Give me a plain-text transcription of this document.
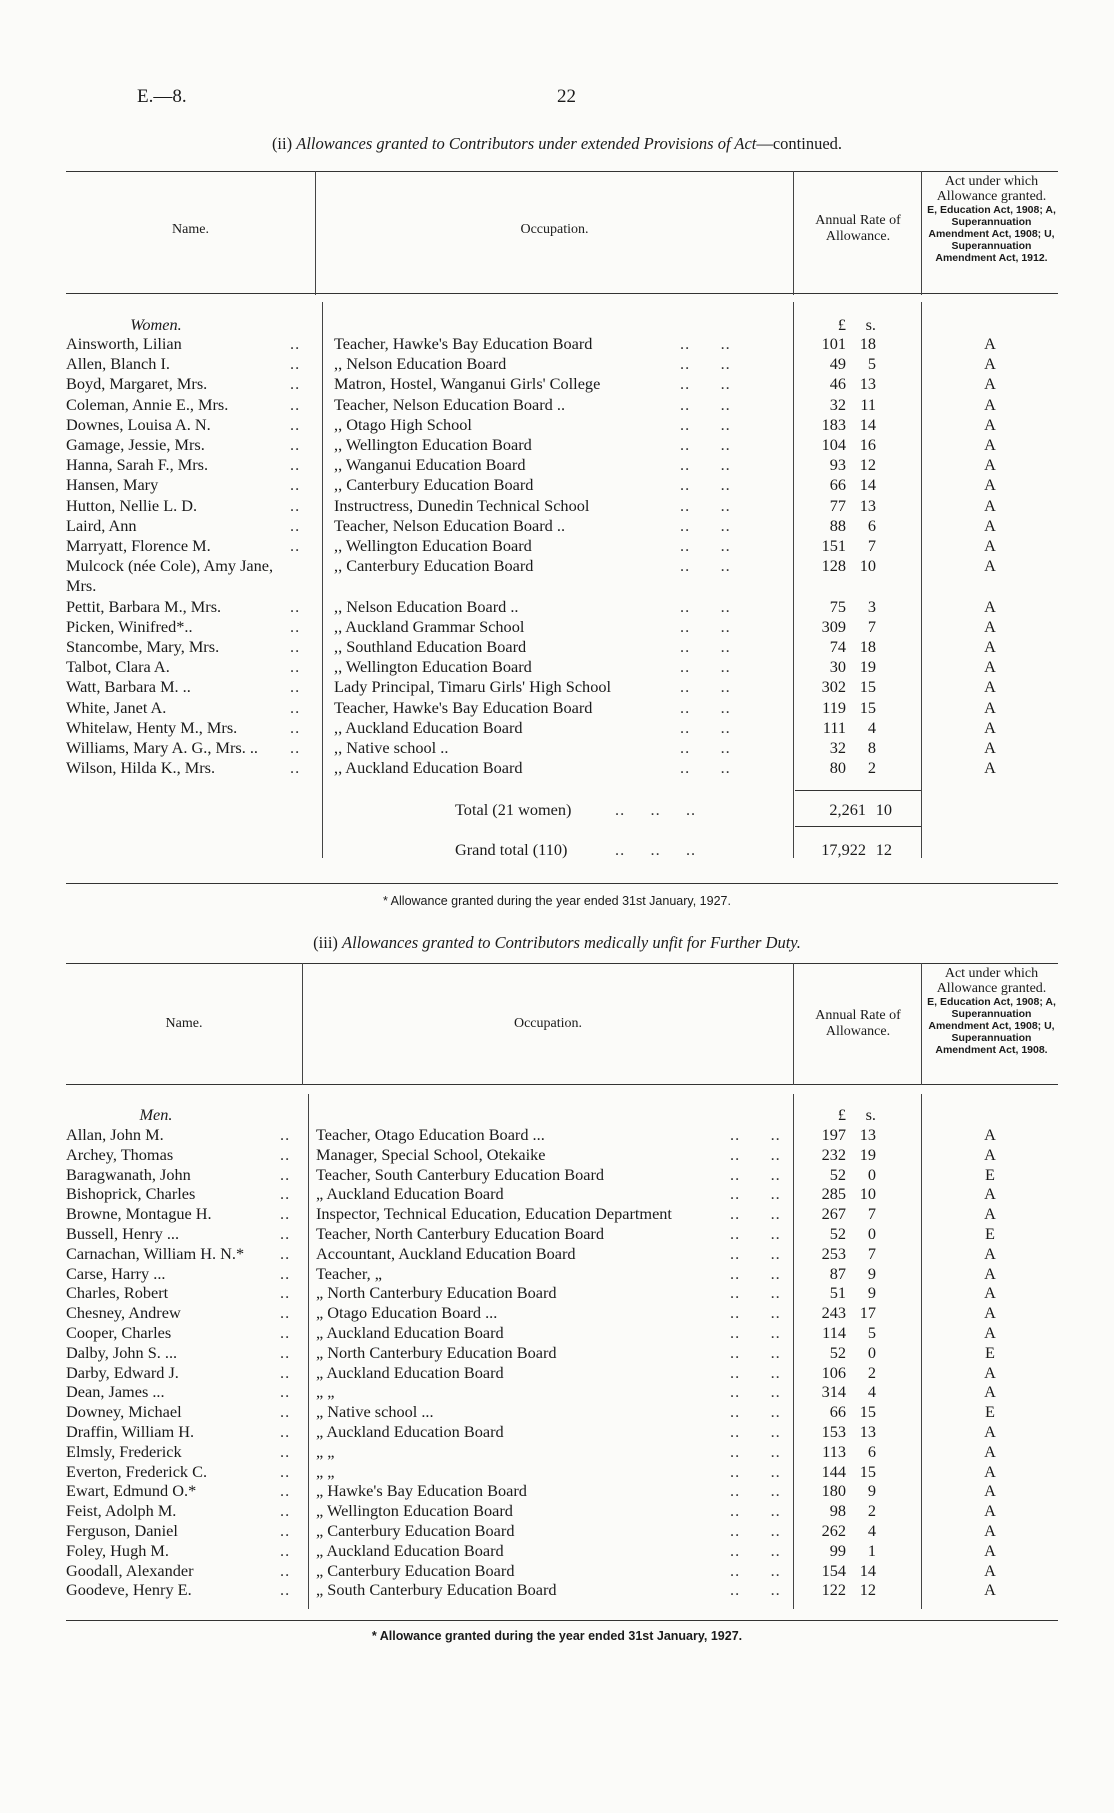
E.—8.	22
(ii) Allowances granted to Contributors under extended Provisions of Act—continued.
Name.	Occupation.
Annual Rate of Allowance.
Act under which Allowance granted.
E, Education Act, 1908; A, Superannuation Amendment Act, 1908; U, Superannuation Amendment Act, 1912.
Women.	£	s.
Ainsworth, Lilian	.. Teacher, Hawke's Bay Education Board	..      ..	101 18	A
Allen, Blanch I.	.. ,, Nelson Education Board	..      ..	49	5	A
Boyd, Margaret, Mrs.	.. Matron, Hostel, Wanganui Girls' College	..      ..	46 13	A
Coleman, Annie E., Mrs.	.. Teacher, Nelson Education Board ..	..      ..	32 11	A
Downes, Louisa A. N.	.. ,, Otago High School	..      ..	183 14	A
Gamage, Jessie, Mrs.	.. ,, Wellington Education Board	..      ..	104 16	A
Hanna, Sarah F., Mrs.	.. ,, Wanganui Education Board	..      ..	93 12	A
Hansen, Mary	.. ,, Canterbury Education Board	..      ..	66 14	A
Hutton, Nellie L. D.	.. Instructress, Dunedin Technical School	..      ..	77 13	A
Laird, Ann	.. Teacher, Nelson Education Board ..	..      ..	88	6	A
Marryatt, Florence M.	.. ,, Wellington Education Board	..      ..	151	7	A
Mulcock (née Cole), Amy Jane,	,, Canterbury Education Board	..      ..	128 10	A
Mrs.
Pettit, Barbara M., Mrs.	.. ,, Nelson Education Board ..	..      ..	75	3	A
Picken, Winifred*..	.. ,, Auckland Grammar School	..      ..	309	7	A
Stancombe, Mary, Mrs.	.. ,, Southland Education Board	..      ..	74 18	A
Talbot, Clara A.	.. ,, Wellington Education Board	..      ..	30 19	A
Watt, Barbara M. ..	.. Lady Principal, Timaru Girls' High School	..      ..	302 15	A
White, Janet A.	.. Teacher, Hawke's Bay Education Board	..      ..	119 15	A
Whitelaw, Henty M., Mrs.	.. ,, Auckland Education Board	..      ..	111	4	A
Williams, Mary A. G., Mrs. .. .. ,, Native school ..	..      ..	32	8	A
Wilson, Hilda K., Mrs.	.. ,, Auckland Education Board	..      ..	80	2	A
Total (21 women)	..     ..     ..	2,261 10
Grand total (110)	..     ..     ..	17,922 12
* Allowance granted during the year ended 31st January, 1927.
(iii) Allowances granted to Contributors medically unfit for Further Duty.
Name.	Occupation.
Annual Rate of Allowance.
Act under which Allowance granted.
E, Education Act, 1908; A, Superannuation Amendment Act, 1908; U, Superannuation Amendment Act, 1908.
Men.	£	s.
Allan, John M.	.. Teacher, Otago Education Board ...	..      ..	197 13	A
Archey, Thomas	.. Manager, Special School, Otekaike	..      ..	232 19	A
Baragwanath, John	.. Teacher, South Canterbury Education Board	..      ..	52	0	E
Bishoprick, Charles	.. „ Auckland Education Board	..      ..	285 10	A
Browne, Montague H.	.. Inspector, Technical Education, Education Department	..      ..	267	7	A
Bussell, Henry ...	.. Teacher, North Canterbury Education Board	..      ..	52	0	E
Carnachan, William H. N.* .. Accountant, Auckland Education Board	..      ..	253	7	A
Carse, Harry ...	.. Teacher, „	..      ..	87	9	A
Charles, Robert	.. „ North Canterbury Education Board	..      ..	51	9	A
Chesney, Andrew	.. „ Otago Education Board ...	..      ..	243 17	A
Cooper, Charles	.. „ Auckland Education Board	..      ..	114	5	A
Dalby, John S. ...	.. „ North Canterbury Education Board	..      ..	52	0	E
Darby, Edward J.	.. „ Auckland Education Board	..      ..	106	2	A
Dean, James ...	.. „ „	..      ..	314	4	A
Downey, Michael	.. „ Native school ...	..      ..	66 15	E
Draffin, William H.	.. „ Auckland Education Board	..      ..	153 13	A
Elmsly, Frederick	.. „ „	..      ..	113	6	A
Everton, Frederick C.	.. „ „	..      ..	144 15	A
Ewart, Edmund O.*	.. „ Hawke's Bay Education Board	..      ..	180	9	A
Feist, Adolph M.	.. „ Wellington Education Board	..      ..	98	2	A
Ferguson, Daniel	.. „ Canterbury Education Board	..      ..	262	4	A
Foley, Hugh M.	.. „ Auckland Education Board	..      ..	99	1	A
Goodall, Alexander	.. „ Canterbury Education Board	..      ..	154 14	A
Goodeve, Henry E.	.. „ South Canterbury Education Board	..      ..	122 12	A
* Allowance granted during the year ended 31st January, 1927.
